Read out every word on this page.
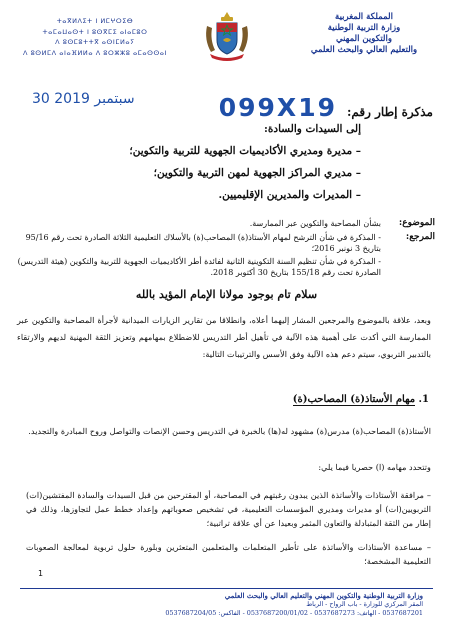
المملكة المغربية
وزارة التربية الوطنية
والتكوين المهني
والتعليم العالي والبحث العلمي
ⵜⴰⴳⵍⴷⵉⵜ ⵏ ⵍⵎⵖⵔⵉⴱ
ⵜⴰⵎⴰⵡⴰⵙⵜ ⵏ ⵓⵙⴳⵎⵉ ⴰⵏⴰⵎⵓⵔ
ⴷ ⵓⵙⵎⵓⵜⵜⴳ ⴰⵙⵏⵎⵍⴰⵢ
ⴷ ⵓⵙⵍⵎⴷ ⴰⵏⴰⴼⵍⵍⴰ ⴷ ⵓⵔⵣⵣⵓ ⴰⵎⴰⵙⵙⴰⵏ
مذكرة إطار رقم:
099X19
30 سبتمبر 2019
إلى السيدات والسادة:
– مديرة ومديري الأكاديميات الجهوية للتربية والتكوين؛
– مديري المراكز الجهوية لمهن التربية والتكوين؛
– المديرات والمديرين الإقليميين.
الموضوع:
بشأن المصاحبة والتكوين عبر الممارسة.
المرجع:
- المذكرة في شأن الترشح لمهام الأستاذ(ة) المصاحب(ة) بالأسلاك التعليمية الثلاثة الصادرة تحت رقم 95/16 بتاريخ 3 نونبر 2016؛
- المذكرة في شأن تنظيم السنة التكوينية الثانية لفائدة أطر الأكاديميات الجهوية للتربية والتكوين (هيئة التدريس) الصادرة تحت رقم 155/18 بتاريخ 30 أكتوبر 2018.
سلام تام بوجود مولانا الإمام المؤيد بالله
وبعد، علاقة بالموضوع والمرجعين المشار إليهما أعلاه، وانطلاقا من تقارير الزيارات الميدانية لأجرأة المصاحبة والتكوين عبر الممارسة التي أكدت على أهمية هذه الآلية في تأهيل أطر التدريس للاضطلاع بمهامهم وتعزيز الثقة المهنية لديهم والارتقاء بالتدبير التربوي، سيتم دعم هذه الآلية وفق الأسس والترتيبات التالية:
1. مهام الأستاذ(ة) المصاحب(ة)
الأستاذ(ة) المصاحب(ة) مدرس(ة) مشهود له(ها) بالخبرة في التدريس وحسن الإنصات والتواصل وروح المبادرة والتجديد.
وتتحدد مهامه (ا) حصريا فيما يلي:
– مرافقة الأستاذات والأساتذة الذين يبدون رغبتهم في المصاحبة، أو المقترحين من قبل السيدات والسادة المفتشين(ات) التربويين(ات) أو مديرات ومديري المؤسسات التعليمية، في تشخيص صعوباتهم وإعداد خطط عمل لتجاوزها، وذلك في إطار من الثقة المتبادلة والتعاون المثمر وبعيدا عن أي علاقة تراتبية؛
– مساعدة الأستاذات والأساتذة على تأطير المتعلمات والمتعلمين المتعثرين وبلورة حلول تربوية لمعالجة الصعوبات التعليمية المشخصة؛
1
وزارة التربية الوطنية والتكوين المهني والتعليم العالي والبحث العلمي
المقر المركزي للوزارة - باب الرواح - الرباط
0537687201 - الهاتف: 0537687273 - 0537687200/01/02 - الفاكس: 0537687204/05
